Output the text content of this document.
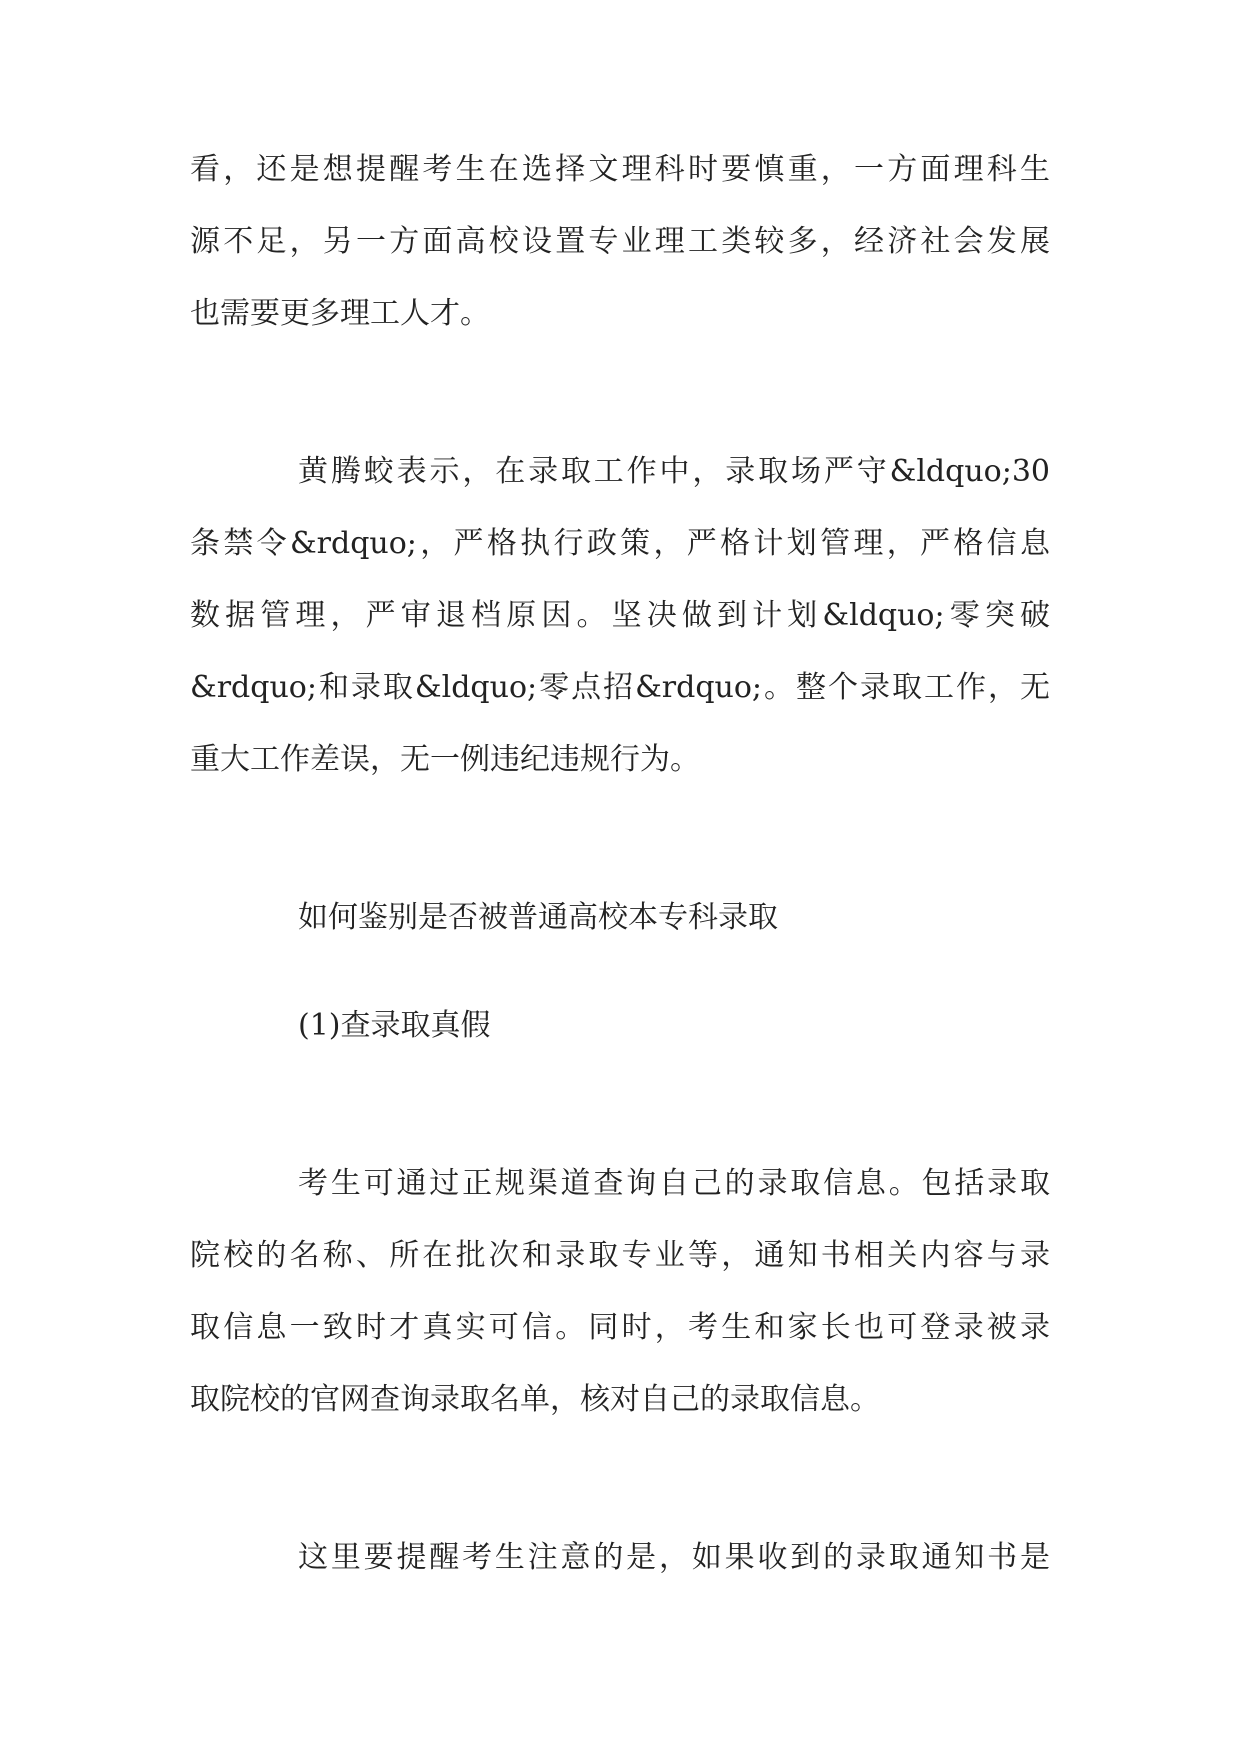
看，还是想提醒考生在选择文理科时要慎重，一方面理科生
源不足，另一方面高校设置专业理工类较多，经济社会发展
也需要更多理工人才。
黄腾蛟表示，在录取工作中，录取场严守&ldquo;30
条禁令&rdquo;，严格执行政策，严格计划管理，严格信息
数据管理，严审退档原因。坚决做到计划&ldquo;零突破
&rdquo;和录取&ldquo;零点招&rdquo;。整个录取工作，无
重大工作差误，无一例违纪违规行为。
如何鉴别是否被普通高校本专科录取
(1)查录取真假
考生可通过正规渠道查询自己的录取信息。包括录取
院校的名称、所在批次和录取专业等，通知书相关内容与录
取信息一致时才真实可信。同时，考生和家长也可登录被录
取院校的官网查询录取名单，核对自己的录取信息。
这里要提醒考生注意的是，如果收到的录取通知书是
